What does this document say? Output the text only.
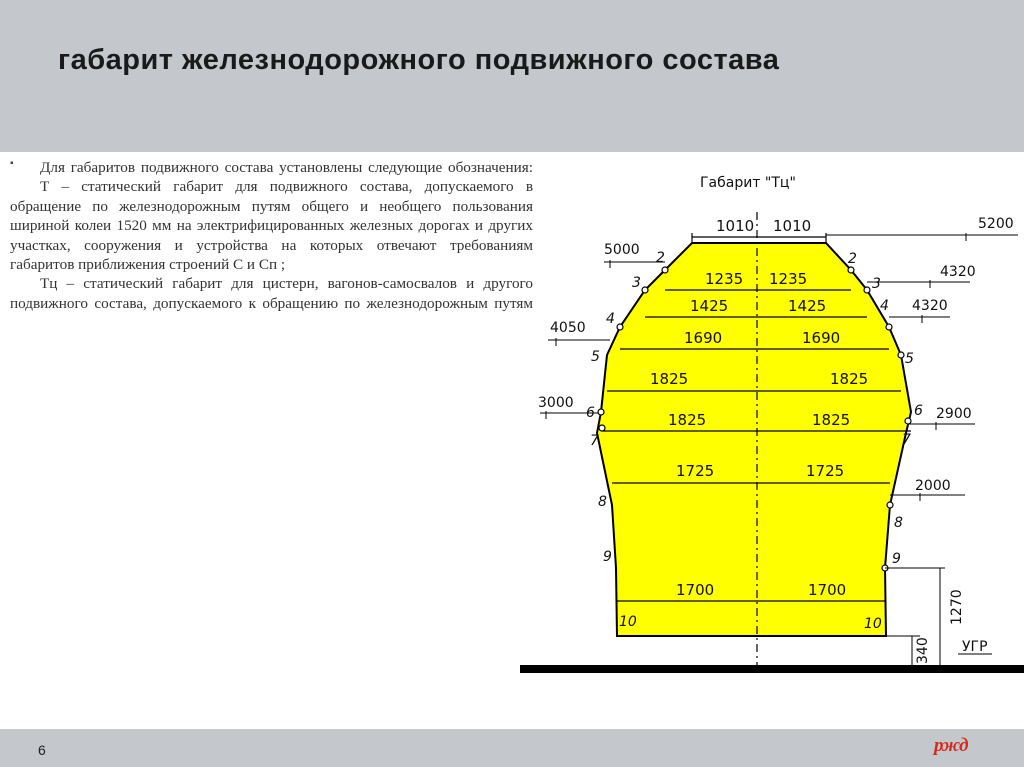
габарит железнодорожного подвижного состава
▪	Для габаритов подвижного состава установлены следующие обозначения:
Т – статический габарит для подвижного состава, допускаемого в
обращение по железнодорожным путям общего и необщего пользования
шириной колеи 1520 мм на электрифицированных железных дорогах и других
участках, сооружения и устройства на которых отвечают требованиям
габаритов приближения строений С и Сп ;
Тц – статический габарит для цистерн, вагонов-самосвалов и другого
подвижного состава, допускаемого к обращению по железнодорожным путям
Габарит "Тц"
1010 1010
1235 1235
1425	1425
1690	1690
1825	1825
1825	1825
1725	1725
1700	1700
5000
4050
3000
5200
4320
4320
2900
2000
1270
340 УГР
2
3
4
5
6
7
8
9
10
2
3
4
5
6
7
8
9
10
6	ржд
